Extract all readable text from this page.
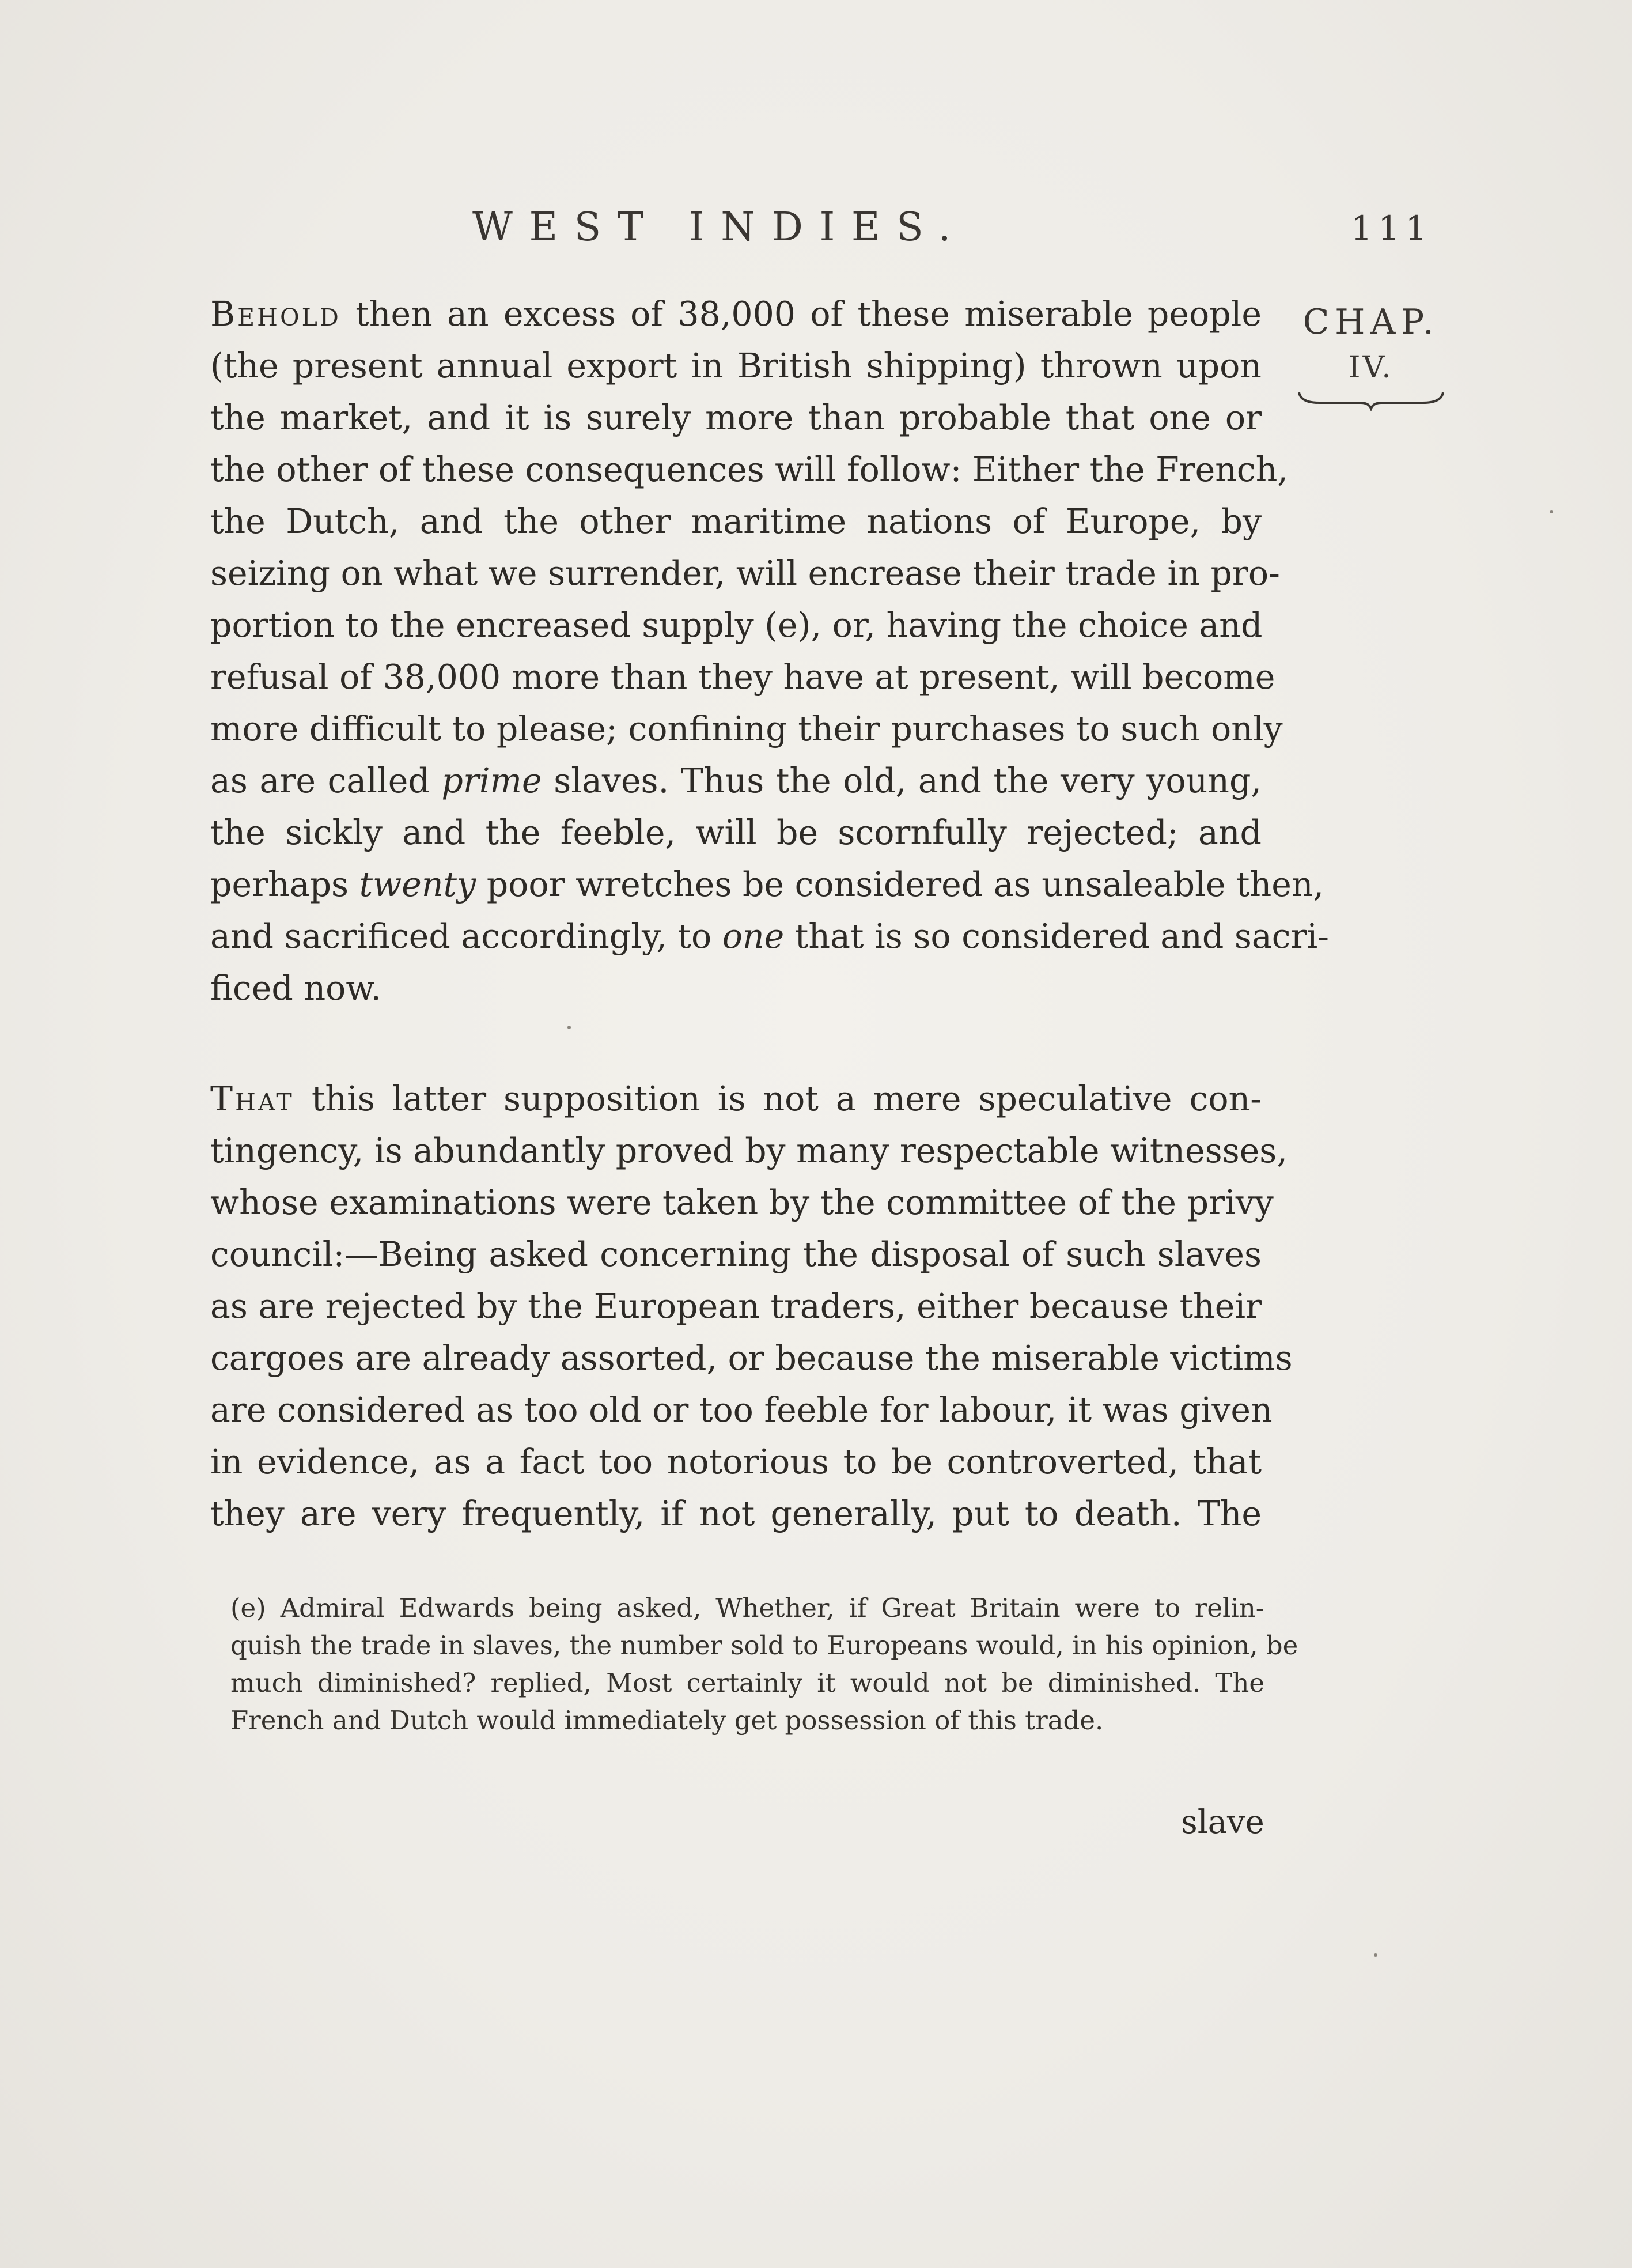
WEST INDIES.	111
CHAP.
IV.
Behold then an excess of 38,000 of these miserable people
(the present annual export in British shipping) thrown upon
the market, and it is surely more than probable that one or
the other of these consequences will follow: Either the French,
the Dutch, and the other maritime nations of Europe, by
seizing on what we surrender, will encrease their trade in pro-
portion to the encreased supply (e), or, having the choice and
refusal of 38,000 more than they have at present, will become
more difficult to please; confining their purchases to such only
as are called prime slaves. Thus the old, and the very young,
the sickly and the feeble, will be scornfully rejected; and
perhaps twenty poor wretches be considered as unsaleable then,
and sacrificed accordingly, to one that is so considered and sacri-
ficed now.
That this latter supposition is not a mere speculative con-
tingency, is abundantly proved by many respectable witnesses,
whose examinations were taken by the committee of the privy
council:—Being asked concerning the disposal of such slaves
as are rejected by the European traders, either because their
cargoes are already assorted, or because the miserable victims
are considered as too old or too feeble for labour, it was given
in evidence, as a fact too notorious to be controverted, that
they are very frequently, if not generally, put to death. The
(e) Admiral Edwards being asked, Whether, if Great Britain were to relin-
quish the trade in slaves, the number sold to Europeans would, in his opinion, be
much diminished? replied, Most certainly it would not be diminished. The
French and Dutch would immediately get possession of this trade.
slave
